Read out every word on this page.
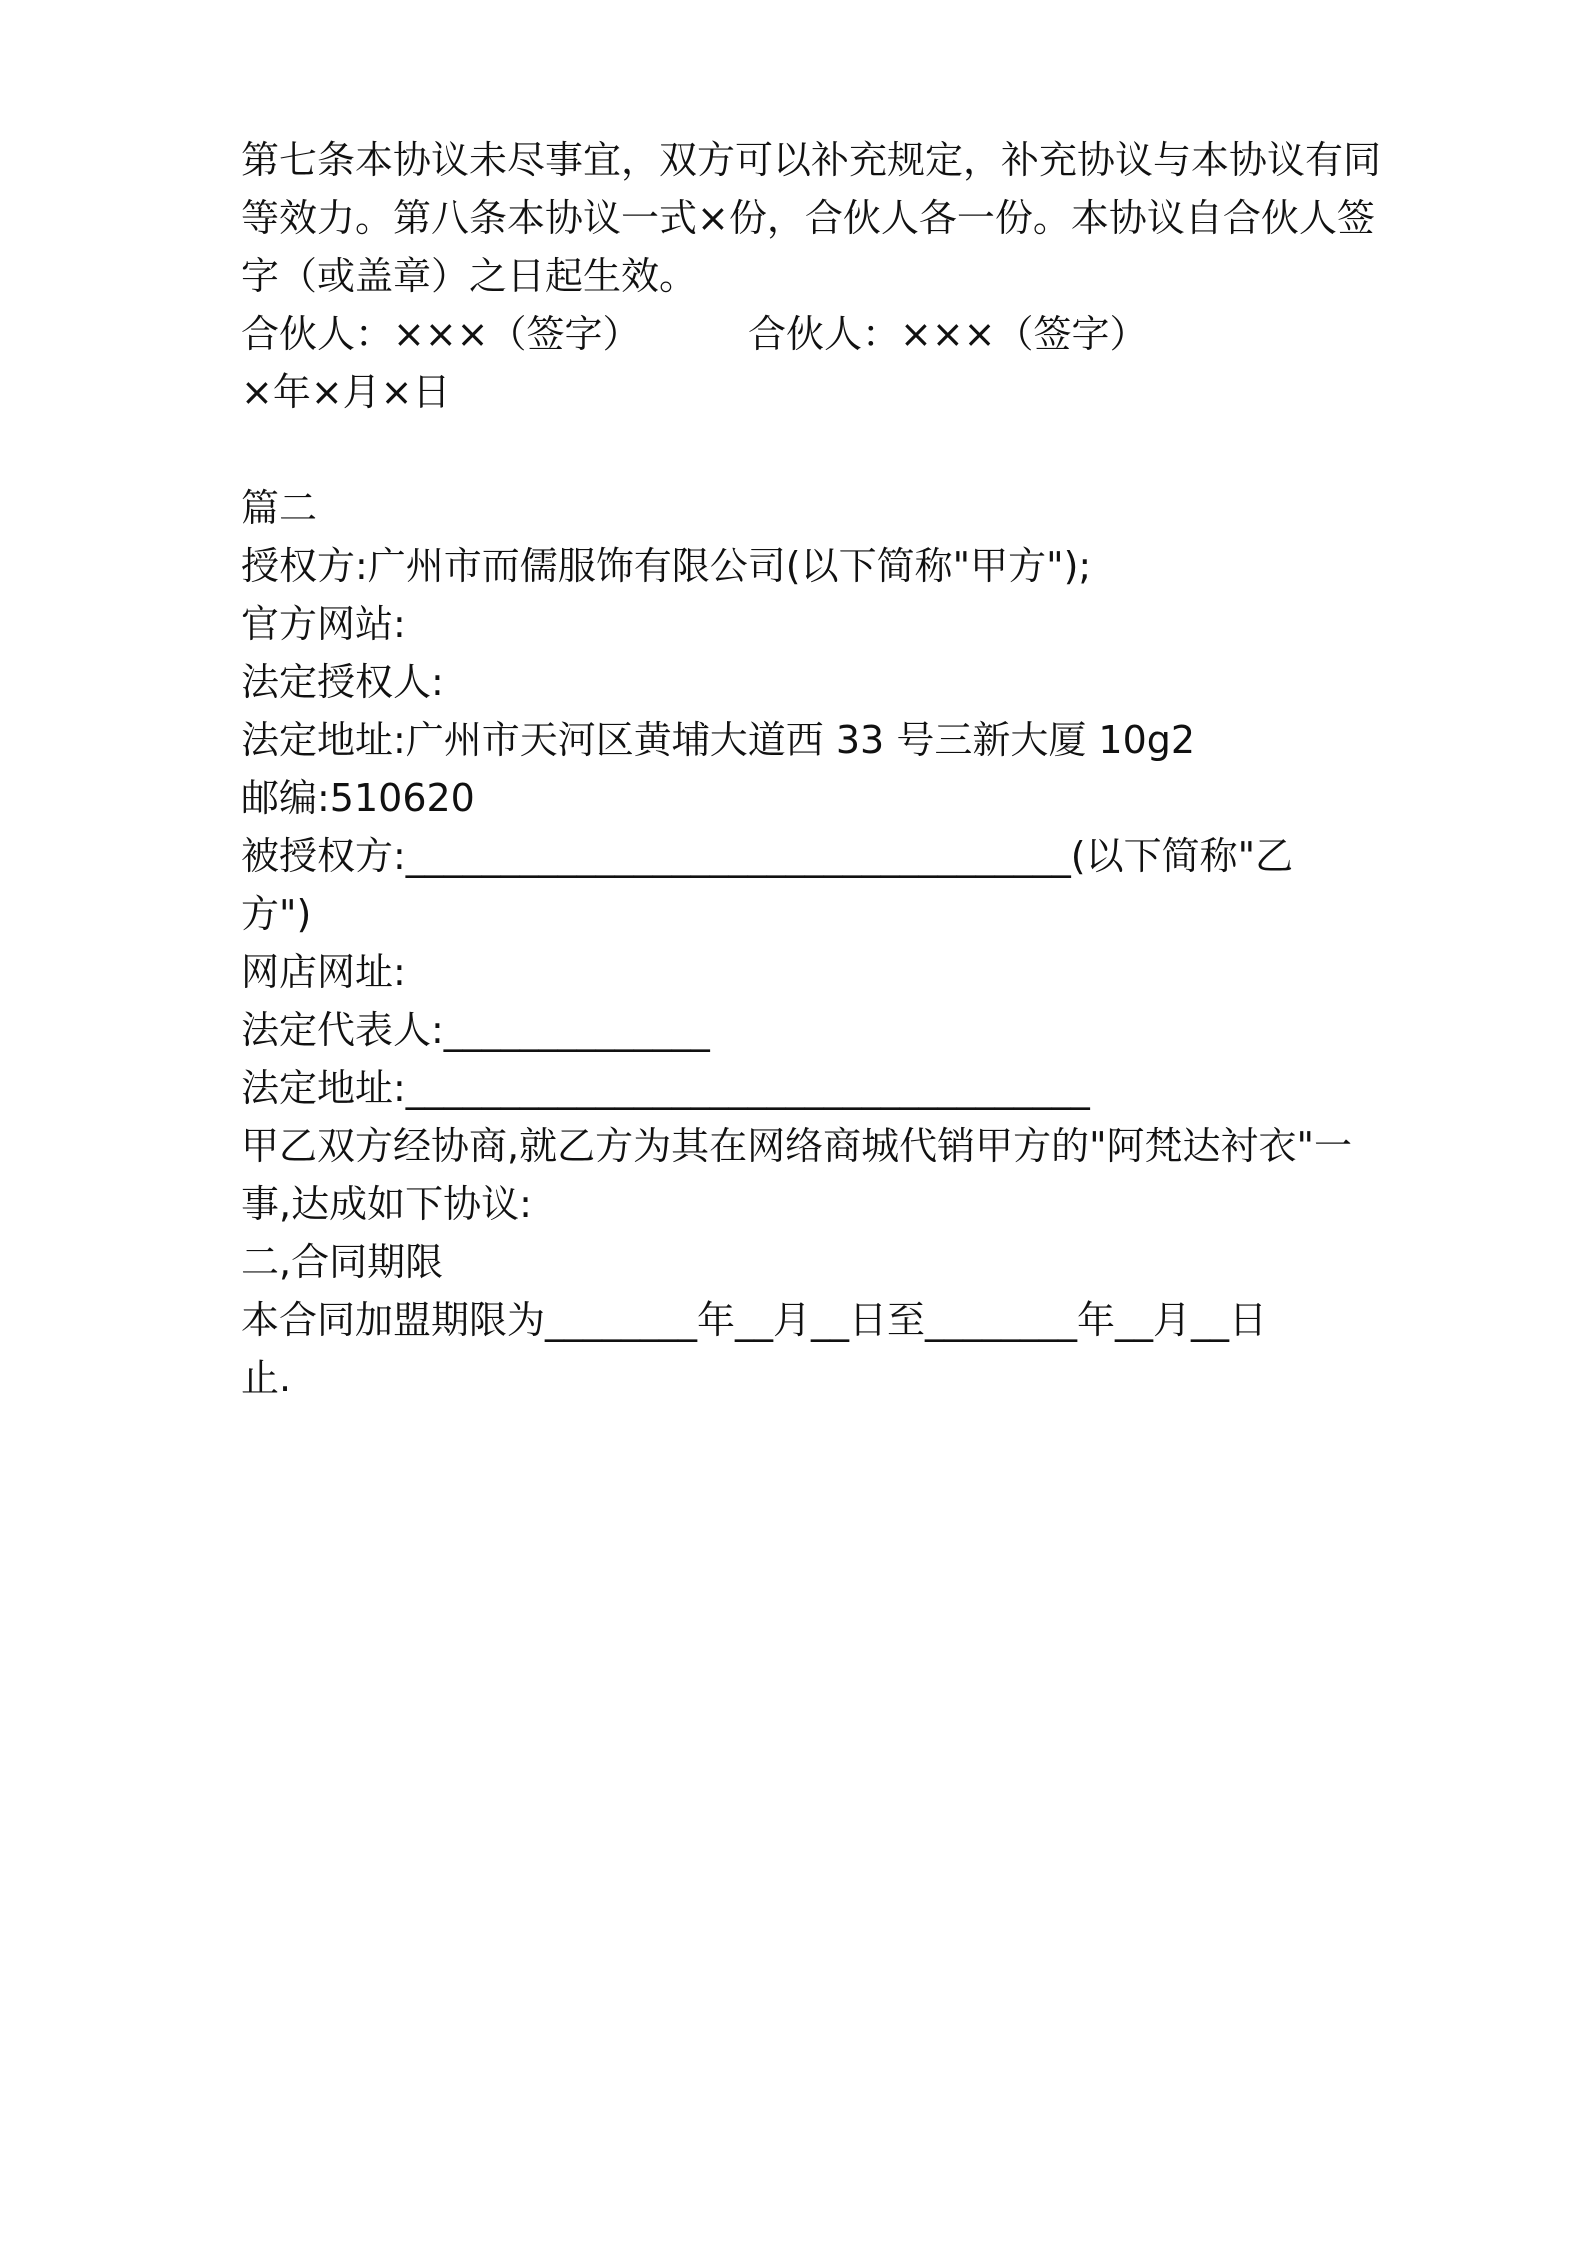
第七条本协议未尽事宜，双方可以补充规定，补充协议与本协议有同
等效力。第八条本协议一式×份，合伙人各一份。本协议自合伙人签
字（或盖章）之日起生效。
合伙人：×××（签字）	合伙人：×××（签字）
×年×月×日
篇二
授权方:广州市而儒服饰有限公司(以下简称"甲方");
官方网站:
法定授权人:
法定地址:广州市天河区黄埔大道西 33 号三新大厦 10g2
邮编:510620
被授权方:___________________________________(以下简称"乙
方")
网店网址:
法定代表人:______________
法定地址:____________________________________
甲乙双方经协商,就乙方为其在网络商城代销甲方的"阿梵达衬衣"一
事,达成如下协议:
二,合同期限
本合同加盟期限为________年__月__日至________年__月__日
止.
